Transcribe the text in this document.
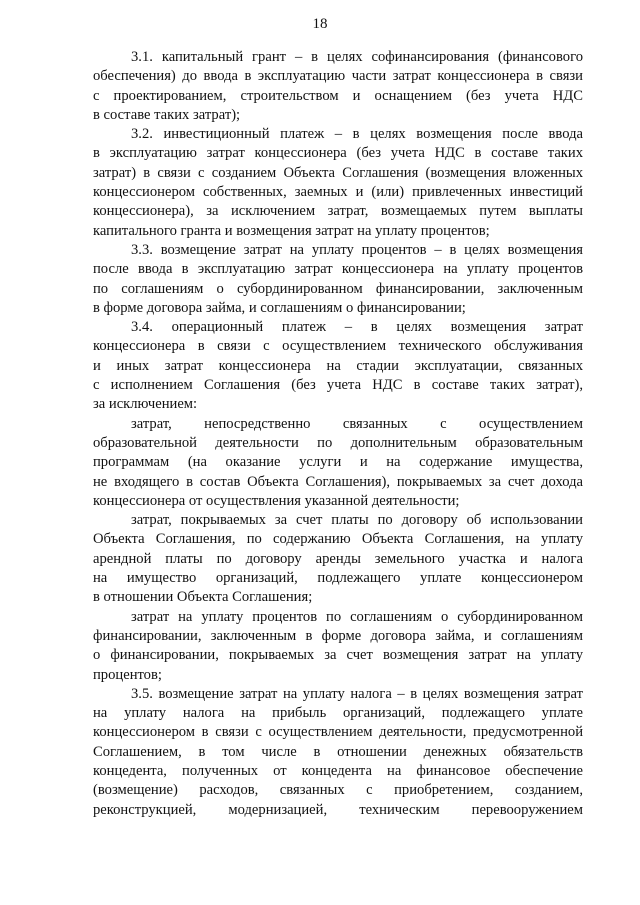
18
3.1. капитальный грант – в целях софинансирования (финансового
обеспечения) до ввода в эксплуатацию части затрат концессионера в связи
с проектированием, строительством и оснащением (без учета НДС
в составе таких затрат);
3.2. инвестиционный платеж – в целях возмещения после ввода
в эксплуатацию затрат концессионера (без учета НДС в составе таких
затрат) в связи с созданием Объекта Соглашения (возмещения вложенных
концессионером собственных, заемных и (или) привлеченных инвестиций
концессионера), за исключением затрат, возмещаемых путем выплаты
капитального гранта и возмещения затрат на уплату процентов;
3.3. возмещение затрат на уплату процентов – в целях возмещения
после ввода в эксплуатацию затрат концессионера на уплату процентов
по соглашениям о субординированном финансировании, заключенным
в форме договора займа, и соглашениям о финансировании;
3.4. операционный платеж – в целях возмещения затрат
концессионера в связи с осуществлением технического обслуживания
и иных затрат концессионера на стадии эксплуатации, связанных
с исполнением Соглашения (без учета НДС в составе таких затрат),
за исключением:
затрат, непосредственно связанных с осуществлением
образовательной деятельности по дополнительным образовательным
программам (на оказание услуги и на содержание имущества,
не входящего в состав Объекта Соглашения), покрываемых за счет дохода
концессионера от осуществления указанной деятельности;
затрат, покрываемых за счет платы по договору об использовании
Объекта Соглашения, по содержанию Объекта Соглашения, на уплату
арендной платы по договору аренды земельного участка и налога
на имущество организаций, подлежащего уплате концессионером
в отношении Объекта Соглашения;
затрат на уплату процентов по соглашениям о субординированном
финансировании, заключенным в форме договора займа, и соглашениям
о финансировании, покрываемых за счет возмещения затрат на уплату
процентов;
3.5. возмещение затрат на уплату налога – в целях возмещения затрат
на уплату налога на прибыль организаций, подлежащего уплате
концессионером в связи с осуществлением деятельности, предусмотренной
Соглашением, в том числе в отношении денежных обязательств
концедента, полученных от концедента на финансовое обеспечение
(возмещение) расходов, связанных с приобретением, созданием,
реконструкцией, модернизацией, техническим перевооружением
